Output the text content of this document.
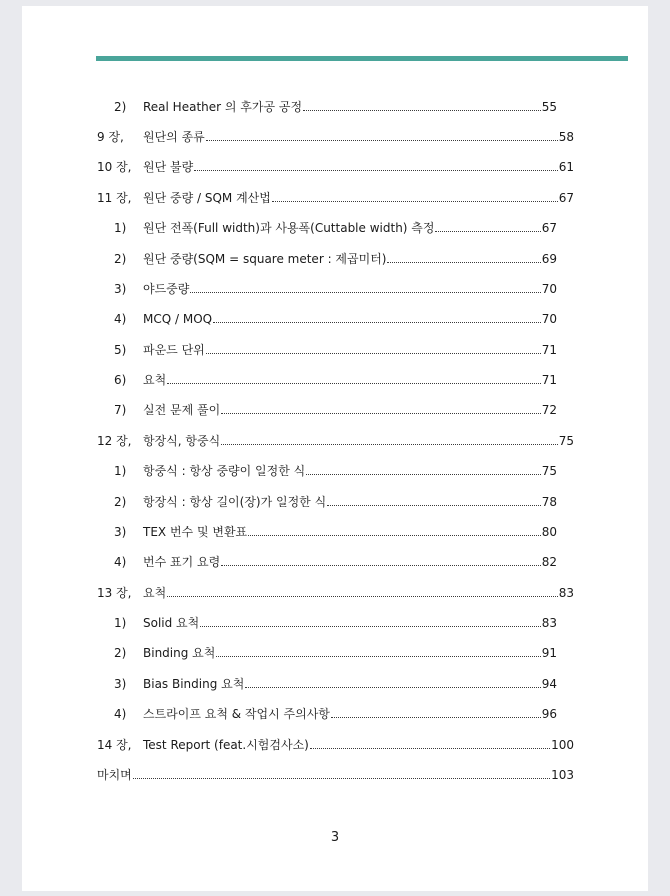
2)	Real Heather 의 후가공 공정	55
9 장,	원단의 종류	58
10 장, 원단 불량	61
11 장, 원단 중량 / SQM 계산법	67
1)	원단 전폭(Full width)과 사용폭(Cuttable width) 측정	67
2)	원단 중량(SQM = square meter : 제곱미터)	69
3)	야드중량	70
4)	MCQ / MOQ	70
5)	파운드 단위	71
6)	요척	71
7)	실전 문제 풀이	72
12 장, 항장식, 항중식	75
1)	항중식 : 항상 중량이 일정한 식	75
2)	항장식 : 항상 길이(장)가 일정한 식	78
3)	TEX 번수 및 변환표	80
4)	번수 표기 요령	82
13 장, 요척	83
1)	Solid 요척	83
2)	Binding 요척	91
3)	Bias Binding 요척	94
4)	스트라이프 요척 & 작업시 주의사항	96
14 장, Test Report (feat.시험검사소)	100
마치며	103
3
